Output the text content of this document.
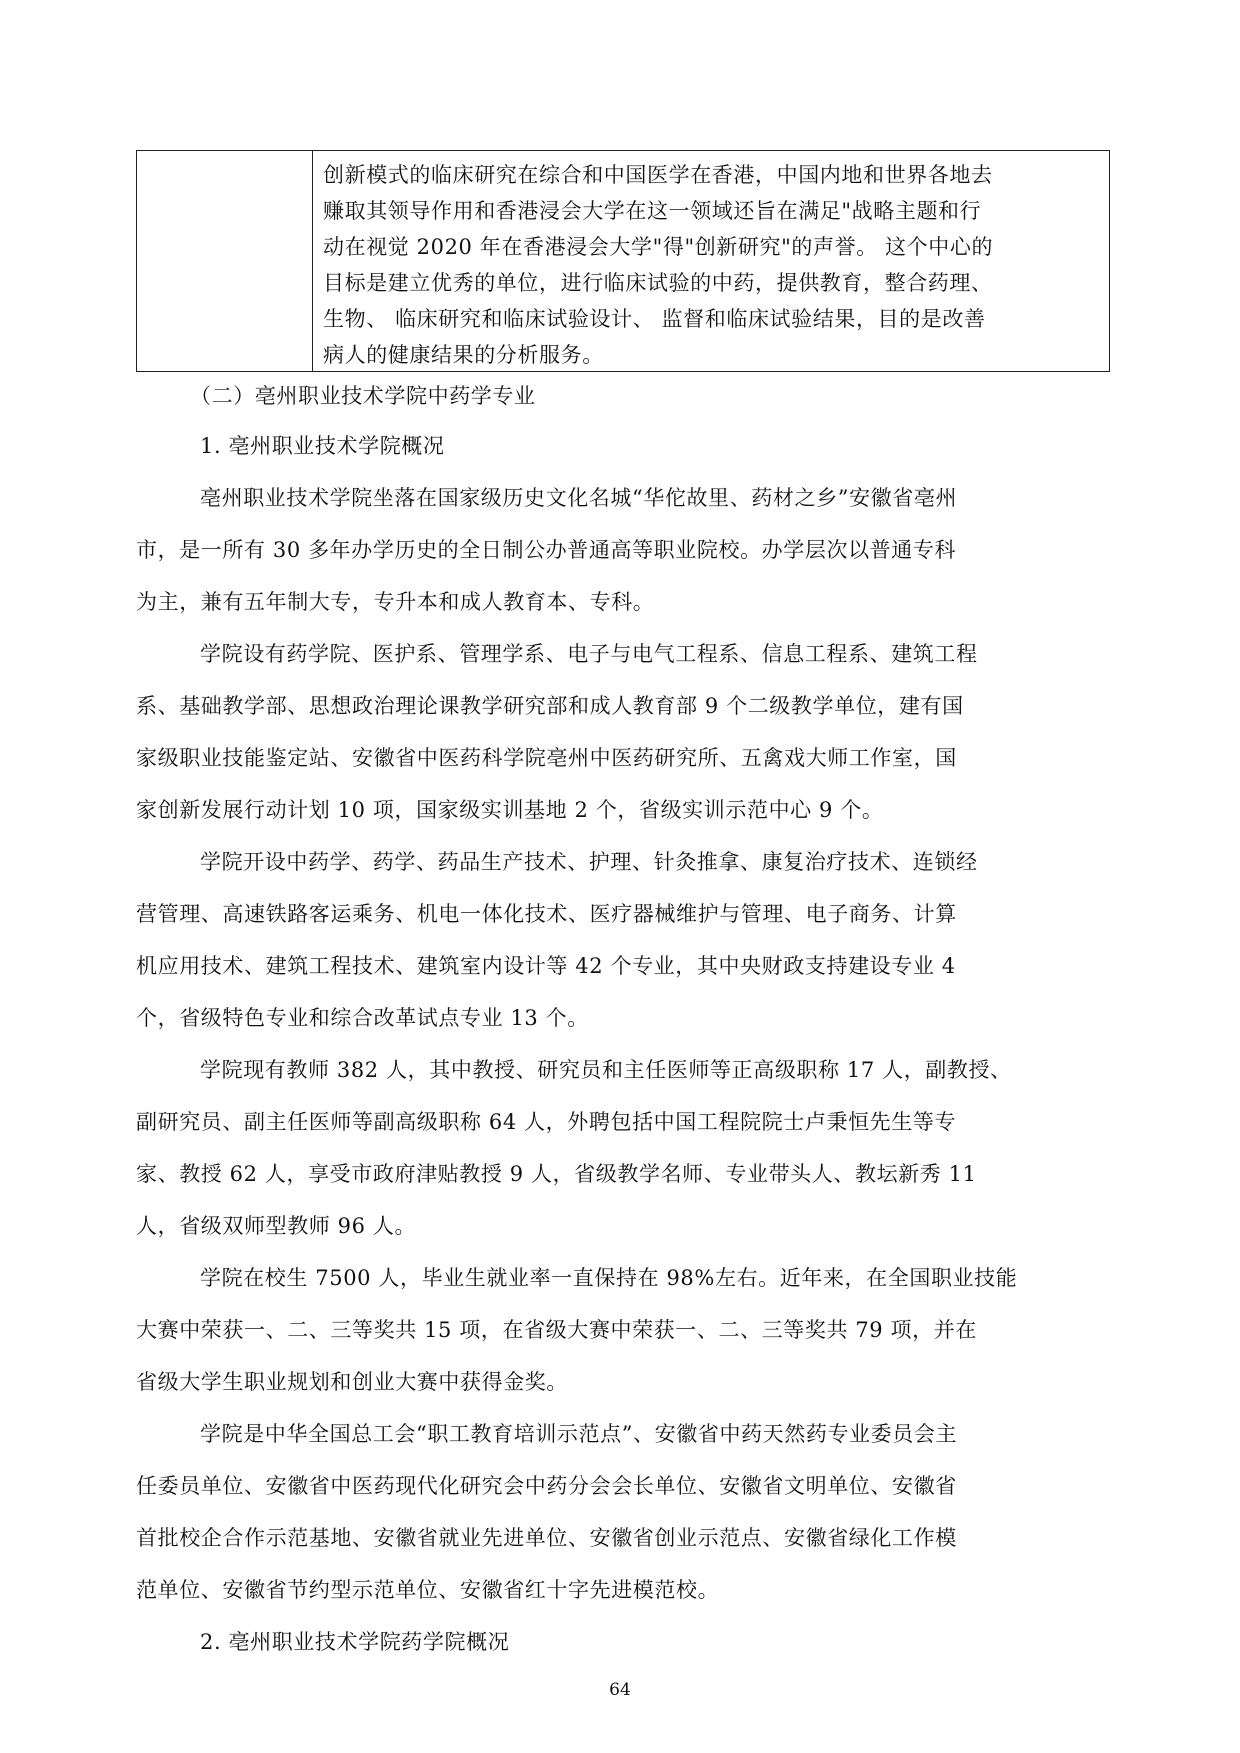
创新模式的临床研究在综合和中国医学在香港，中国内地和世界各地去
赚取其领导作用和香港浸会大学在这一领域还旨在满足"战略主题和行
动在视觉 2020 年在香港浸会大学"得"创新研究"的声誉。 这个中心的
目标是建立优秀的单位，进行临床试验的中药，提供教育，整合药理、
生物、 临床研究和临床试验设计、 监督和临床试验结果，目的是改善
病人的健康结果的分析服务。
（二）亳州职业技术学院中药学专业
1. 亳州职业技术学院概况
亳州职业技术学院坐落在国家级历史文化名城“华佗故里、药材之乡”安徽省亳州
市，是一所有 30 多年办学历史的全日制公办普通高等职业院校。办学层次以普通专科
为主，兼有五年制大专，专升本和成人教育本、专科。
学院设有药学院、医护系、管理学系、电子与电气工程系、信息工程系、建筑工程
系、基础教学部、思想政治理论课教学研究部和成人教育部 9 个二级教学单位，建有国
家级职业技能鉴定站、安徽省中医药科学院亳州中医药研究所、五禽戏大师工作室，国
家创新发展行动计划 10 项，国家级实训基地 2 个，省级实训示范中心 9 个。
学院开设中药学、药学、药品生产技术、护理、针灸推拿、康复治疗技术、连锁经
营管理、高速铁路客运乘务、机电一体化技术、医疗器械维护与管理、电子商务、计算
机应用技术、建筑工程技术、建筑室内设计等 42 个专业，其中央财政支持建设专业 4
个，省级特色专业和综合改革试点专业 13 个。
学院现有教师 382 人，其中教授、研究员和主任医师等正高级职称 17 人，副教授、
副研究员、副主任医师等副高级职称 64 人，外聘包括中国工程院院士卢秉恒先生等专
家、教授 62 人，享受市政府津贴教授 9 人，省级教学名师、专业带头人、教坛新秀 11
人，省级双师型教师 96 人。
学院在校生 7500 人，毕业生就业率一直保持在 98%左右。近年来，在全国职业技能
大赛中荣获一、二、三等奖共 15 项，在省级大赛中荣获一、二、三等奖共 79 项，并在
省级大学生职业规划和创业大赛中获得金奖。
学院是中华全国总工会“职工教育培训示范点”、安徽省中药天然药专业委员会主
任委员单位、安徽省中医药现代化研究会中药分会会长单位、安徽省文明单位、安徽省
首批校企合作示范基地、安徽省就业先进单位、安徽省创业示范点、安徽省绿化工作模
范单位、安徽省节约型示范单位、安徽省红十字先进模范校。
2. 亳州职业技术学院药学院概况
64
